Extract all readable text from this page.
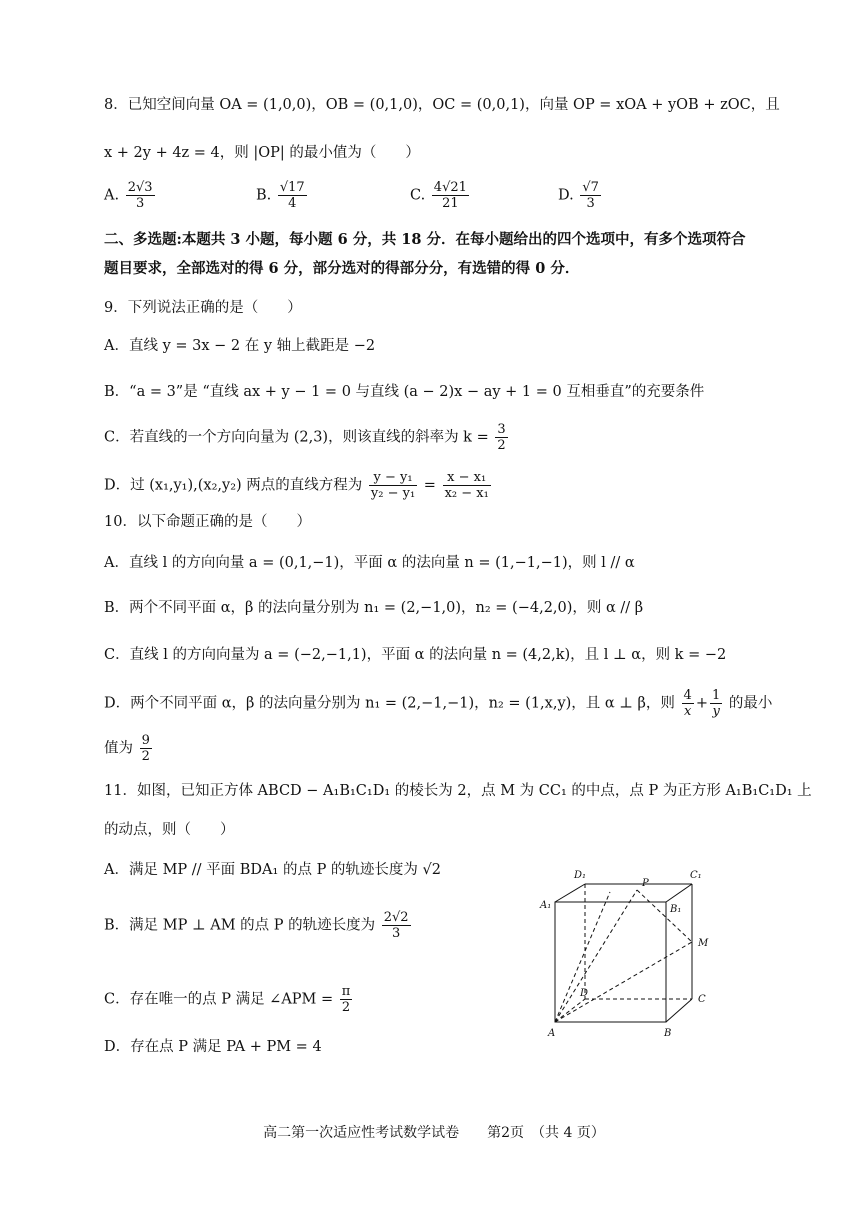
8．已知空间向量 OA = (1,0,0)，OB = (0,1,0)，OC = (0,0,1)，向量 OP = xOA + yOB + zOC，且
x + 2y + 4z = 4，则 |OP| 的最小值为（　　）
A. $\frac{2√3}{3}$	B. $\frac{√17}{4}$	C. $\frac{4√21}{21}$	D. $\frac{√7}{3}$
二、多选题:本题共 3 小题，每小题 6 分，共 18 分．在每小题给出的四个选项中，有多个选项符合
题目要求，全部选对的得 6 分，部分选对的得部分分，有选错的得 0 分．
9．下列说法正确的是（　　）
A．直线 y = 3x − 2 在 y 轴上截距是 −2
B．“a = 3”是 “直线 ax + y − 1 = 0 与直线 (a − 2)x − ay + 1 = 0 互相垂直”的充要条件
C．若直线的一个方向向量为 (2,3)，则该直线的斜率为 $k = \frac{3}{2}$
D．过 (x₁,y₁),(x₂,y₂) 两点的直线方程为 $\frac{\text{y − y₁}}{\text{y₂ − y₁}} = \frac{\text{x − x₁}}{\text{x₂ − x₁}}$
10．以下命题正确的是（　　）
A．直线 l 的方向向量 a = (0,1,−1)，平面 α 的法向量 n = (1,−1,−1)，则 l // α
B．两个不同平面 α，β 的法向量分别为 n₁ = (2,−1,0)，n₂ = (−4,2,0)，则 α // β
C．直线 l 的方向向量为 a = (−2,−1,1)，平面 α 的法向量 n = (4,2,k)，且 l ⊥ α，则 k = −2
D．两个不同平面 α，β 的法向量分别为 n₁ = (2,−1,−1)，n₂ = (1,x,y)，且 α ⊥ β，则 $\frac{4}{x} + \frac{1}{y}$ 的最小
值为 $\frac{9}{2}$
11．如图，已知正方体 ABCD − A₁B₁C₁D₁ 的棱长为 2，点 M 为 CC₁ 的中点，点 P 为正方形 A₁B₁C₁D₁ 上
的动点，则（　　）
A．满足 MP // 平面 BDA₁ 的点 P 的轨迹长度为 √2
B．满足 MP ⊥ AM 的点 P 的轨迹长度为 $\frac{2√2}{3}$
C．存在唯一的点 P 满足 ∠APM = $\frac{\pi}{2}$
D．存在点 P 满足 PA + PM = 4
D₁
P
C₁
A₁	B₁
M
D
C
A	B
高二第一次适应性考试数学试卷　　第2页　（共 4 页）
